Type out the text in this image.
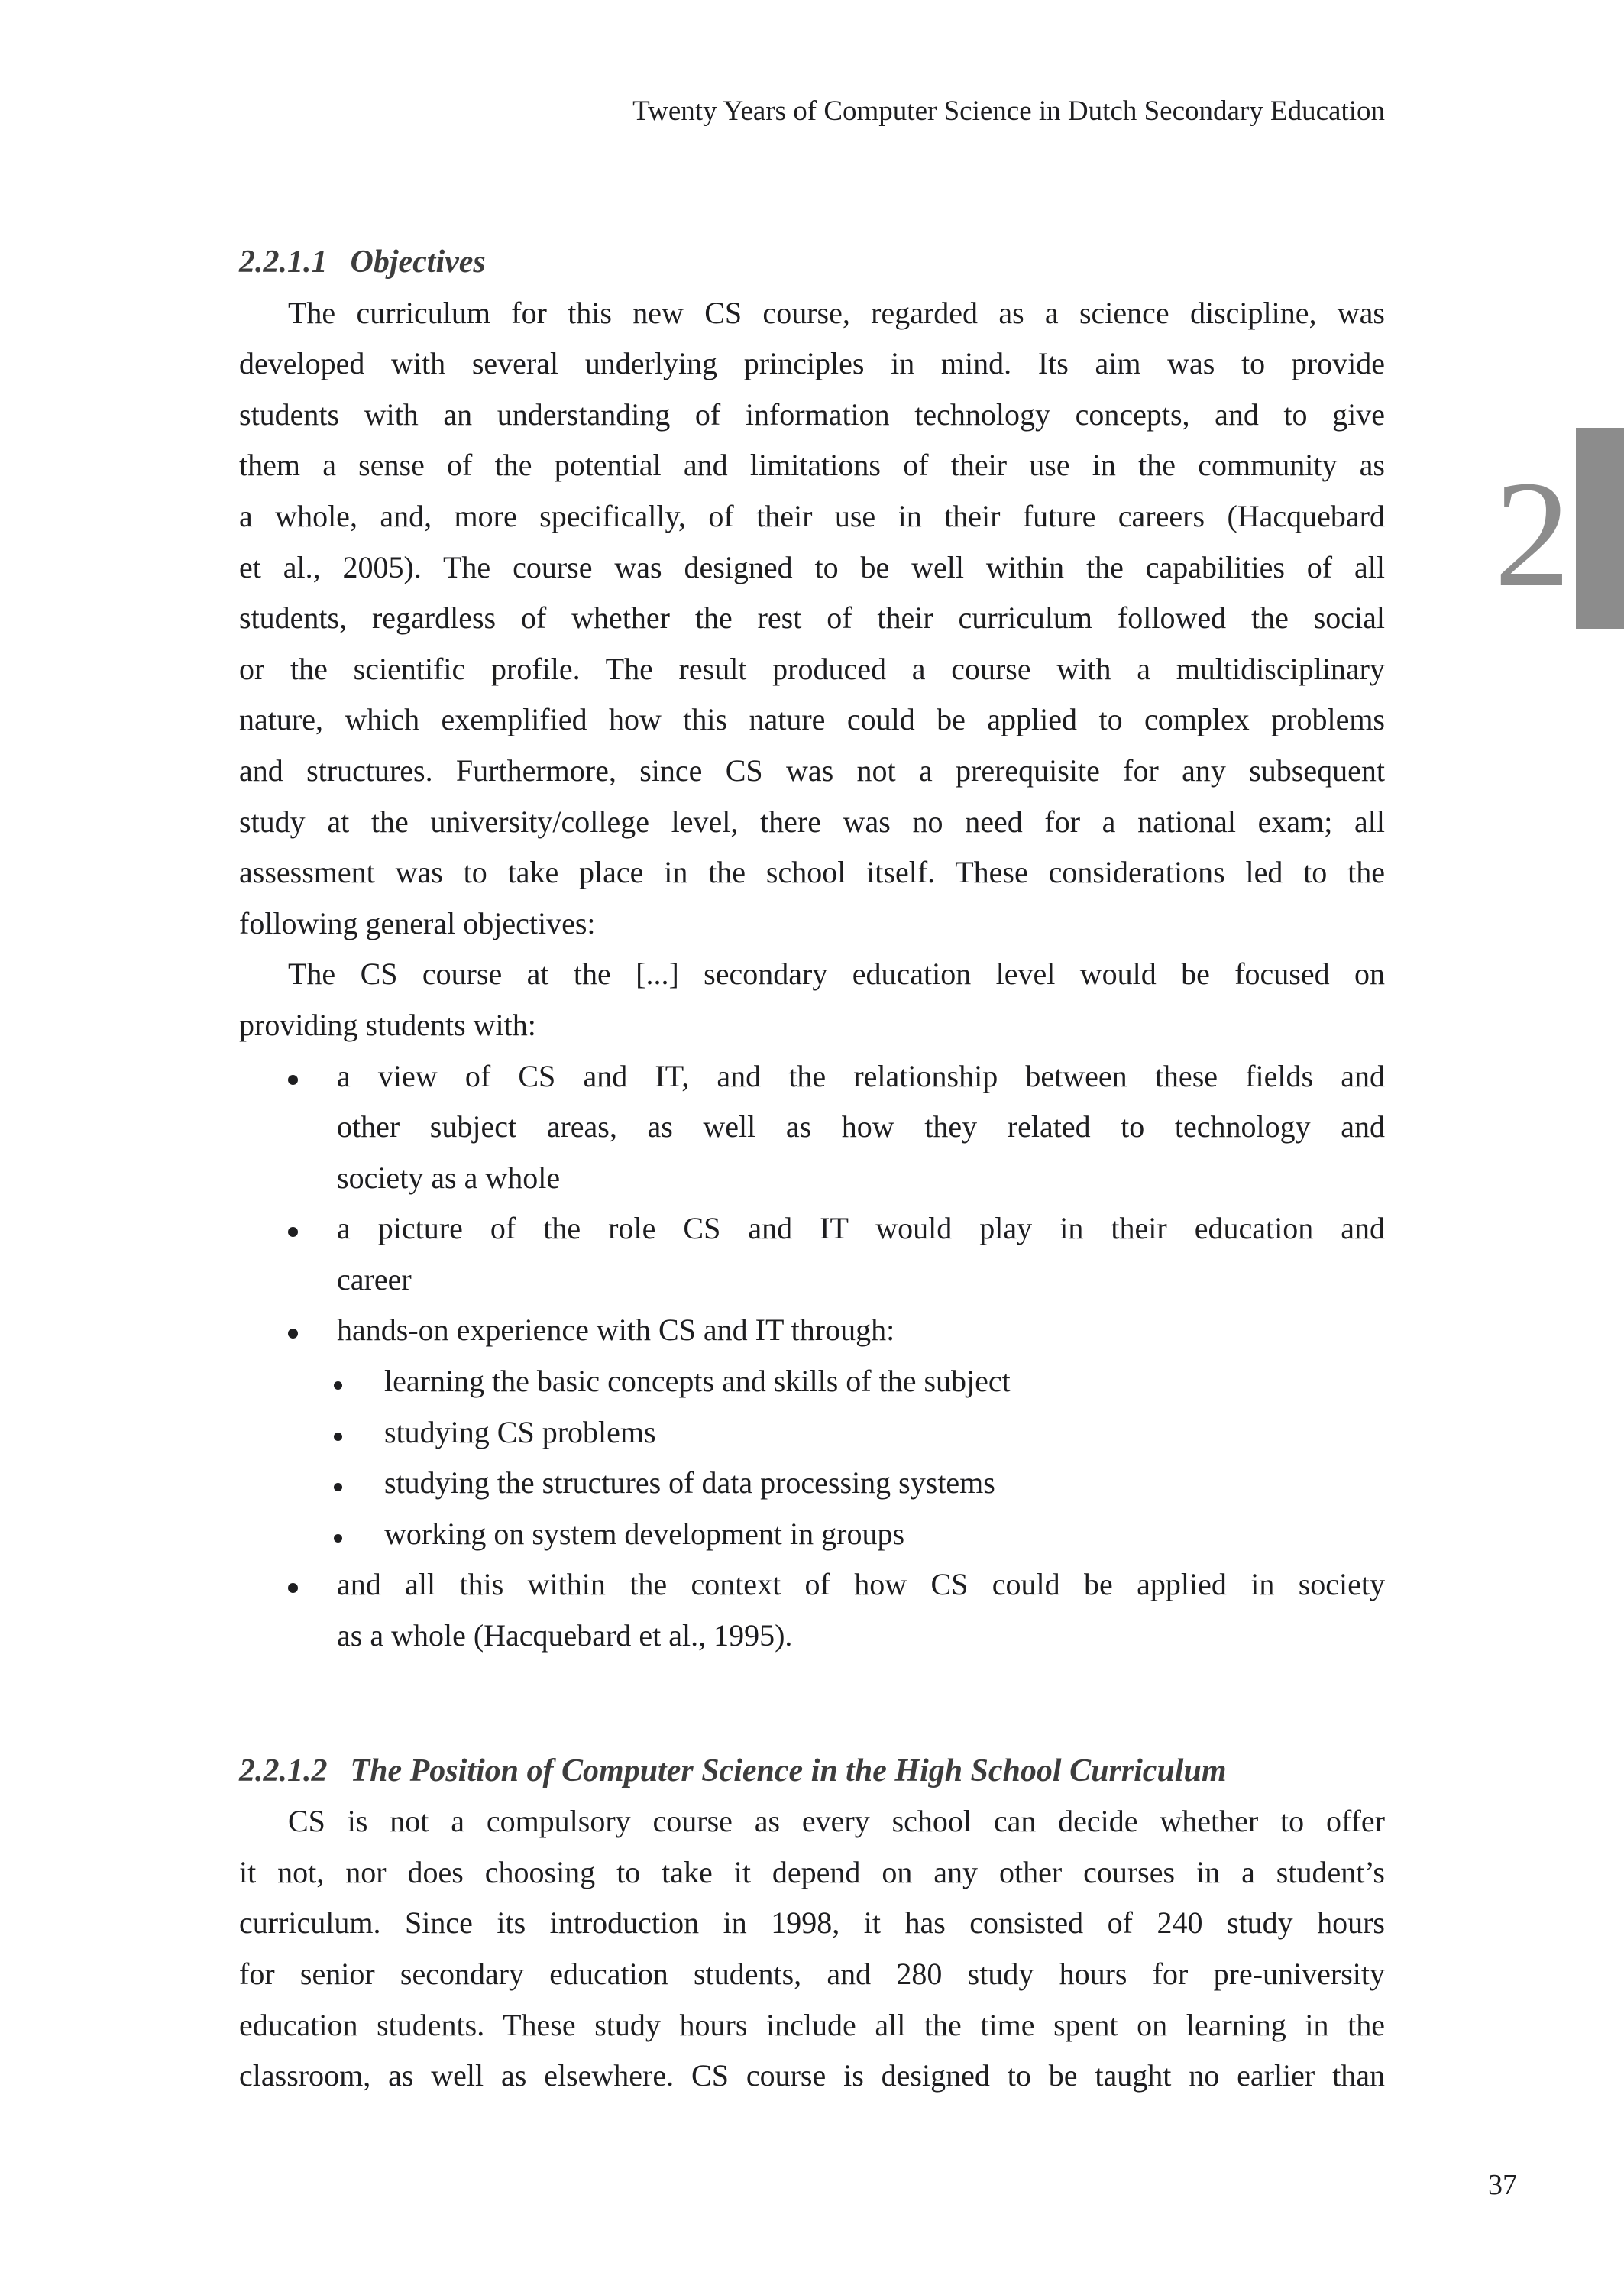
Twenty Years of Computer Science in Dutch Secondary Education
2
2.2.1.1 Objectives
The curriculum for this new CS course, regarded as a science discipline, was
developed with several underlying principles in mind. Its aim was to provide
students with an understanding of information technology concepts, and to give
them a sense of the potential and limitations of their use in the community as
a whole, and, more specifically, of their use in their future careers (Hacquebard
et al., 2005). The course was designed to be well within the capabilities of all
students, regardless of whether the rest of their curriculum followed the social
or the scientific profile. The result produced a course with a multidisciplinary
nature, which exemplified how this nature could be applied to complex problems
and structures. Furthermore, since CS was not a prerequisite for any subsequent
study at the university/college level, there was no need for a national exam; all
assessment was to take place in the school itself. These considerations led to the
following general objectives:
The CS course at the [...] secondary education level would be focused on
providing students with:
a view of CS and IT, and the relationship between these fields and
other subject areas, as well as how they related to technology and
society as a whole
a picture of the role CS and IT would play in their education and
career
hands-on experience with CS and IT through:
learning the basic concepts and skills of the subject
studying CS problems
studying the structures of data processing systems
working on system development in groups
and all this within the context of how CS could be applied in society
as a whole (Hacquebard et al., 1995).
2.2.1.2 The Position of Computer Science in the High School Curriculum
CS is not a compulsory course as every school can decide whether to offer
it not, nor does choosing to take it depend on any other courses in a student’s
curriculum. Since its introduction in 1998, it has consisted of 240 study hours
for senior secondary education students, and 280 study hours for pre-university
education students. These study hours include all the time spent on learning in the
classroom, as well as elsewhere. CS course is designed to be taught no earlier than
37
